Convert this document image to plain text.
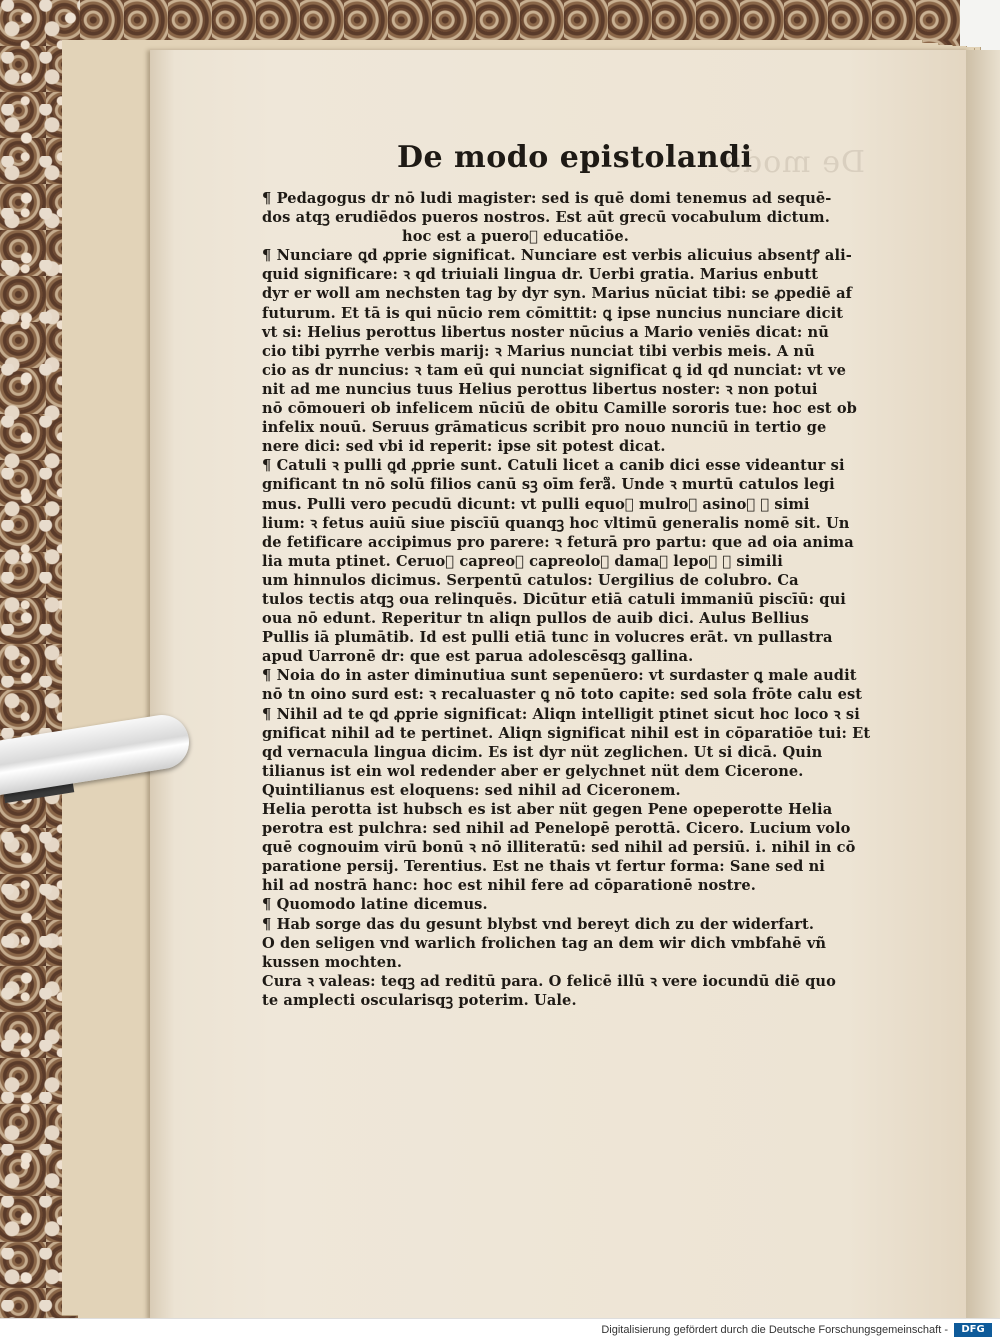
De modo
De modo epistolandi
¶ Pedagogus dr nō ludi magister: sed is quē domi tenemus ad sequē-
dos atqꝫ erudiēdos pueros nostros. Est aūt grecū vocabulum dictum.
hoc est a puero᷑ educatiōe.
¶ Nunciare ꝗd ꝓprie significat. Nunciare est verbis alicuius absentꝭ ali-
quid significare: ꝛ qd triuiali lingua dr. Uerbi gratia. Marius enbutt
dyr er woll am nechsten tag by dyr syn. Marius nūciat tibi: se ꝓpediē af
futurum. Et tā is qui nūcio rem cōmittit: ꝗ ipse nuncius nunciare dicit
vt si: Helius perottus libertus noster nūcius a Mario veniēs dicat: nū
cio tibi pyrrhe verbis marij: ꝛ Marius nunciat tibi verbis meis. A nū
cio as dr nuncius: ꝛ tam eū qui nunciat significat ꝗ id qd nunciat: vt ve
nit ad me nuncius tuus Helius perottus libertus noster: ꝛ non potui
nō cōmoueri ob infelicem nūciū de obitu Camille sororis tue: hoc est ob
infelix nouū. Seruus grāmaticus scribit pro nouo nunciū in tertio ge
nere dici: sed vbi id reperit: ipse sit potest dicat.
¶ Catuli ꝛ pulli ꝗd ꝓprie sunt. Catuli licet a canib dici esse videantur si
gnificant tn nō solū filios canū sꝫ oīm fera᷑. Unde ꝛ murtū catulos legi
mus. Pulli vero pecudū dicunt: vt pulli equo᷑ mulro᷑ asino᷑ ꝛ simi
lium: ꝛ fetus auiū siue piscīū quanqꝫ hoc vltimū generalis nomē sit. Un
de fetificare accipimus pro parere: ꝛ feturā pro partu: que ad oia anima
lia muta ptinet. Ceruo᷑ capreo᷑ capreolo᷑ dama᷑ lepo᷑ ꝛ simili
um hinnulos dicimus. Serpentū catulos: Uergilius de colubro. Ca
tulos tectis atqꝫ oua relinquēs. Dicūtur etiā catuli immaniū piscīū: qui
oua nō edunt. Reperitur tn aliqn pullos de auib dici. Aulus Bellius
Pullis iā plumātib. Id est pulli etiā tunc in volucres erāt. vn pullastra
apud Uarronē dr: que est parua adolescēsqꝫ gallina.
¶ Noia do in aster diminutiua sunt sepenūero: vt surdaster ꝗ male audit
nō tn oino surd est: ꝛ recaluaster ꝗ nō toto capite: sed sola frōte calu est
¶ Nihil ad te ꝗd ꝓprie significat: Aliqn intelligit ptinet sicut hoc loco ꝛ si
gnificat nihil ad te pertinet. Aliqn significat nihil est in cōparatiōe tui: Et
qd vernacula lingua dicim. Es ist dyr nüt zeglichen. Ut si dicā. Quin
tilianus ist ein wol redender aber er gelychnet nüt dem Cicerone.
Quintilianus est eloquens: sed nihil ad Ciceronem.
Helia perotta ist hubsch es ist aber nüt gegen Pene opeperotte Helia
perotra est pulchra: sed nihil ad Penelopē perottā. Cicero. Lucium volo
quē cognouim virū bonū ꝛ nō illiteratū: sed nihil ad persiū. i. nihil in cō
paratione persij. Terentius. Est ne thais vt fertur forma: Sane sed ni
hil ad nostrā hanc: hoc est nihil fere ad cōparationē nostre.
¶ Quomodo latine dicemus.
¶ Hab sorge das du gesunt blybst vnd bereyt dich zu der widerfart.
O den seligen vnd warlich frolichen tag an dem wir dich vmbfahē vñ
kussen mochten.
Cura ꝛ valeas: teqꝫ ad reditū para. O felicē illū ꝛ vere iocundū diē quo
te amplecti oscularisqꝫ poterim. Uale.
Digitalisierung gefördert durch die Deutsche Forschungsgemeinschaft -	DFG
